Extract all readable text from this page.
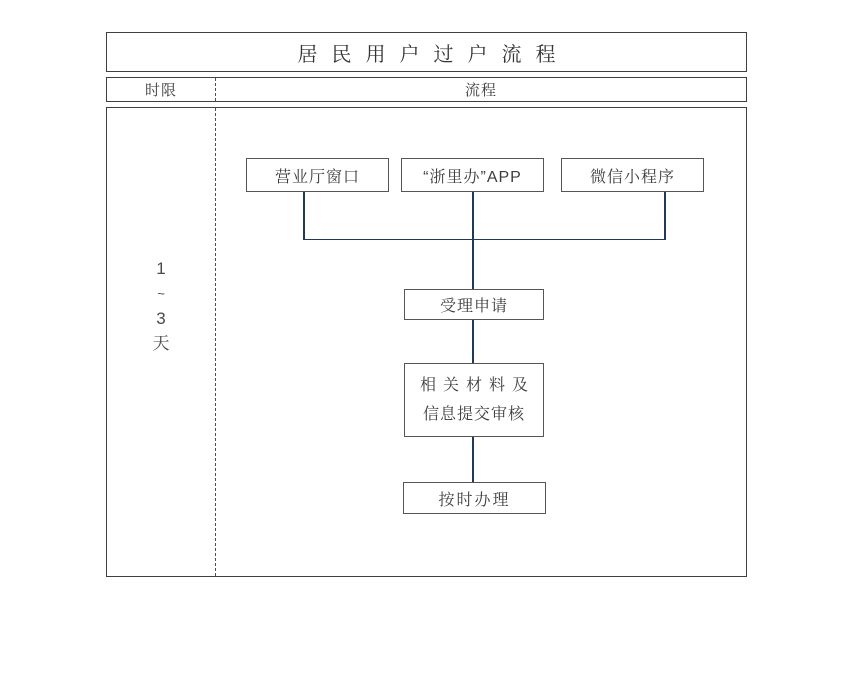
居民用户过户流程
时限	流程
1
~
3
天
营业厅窗口	“浙里办”APP	微信小程序
受理申请
相关材料及
信息提交审核
按时办理
